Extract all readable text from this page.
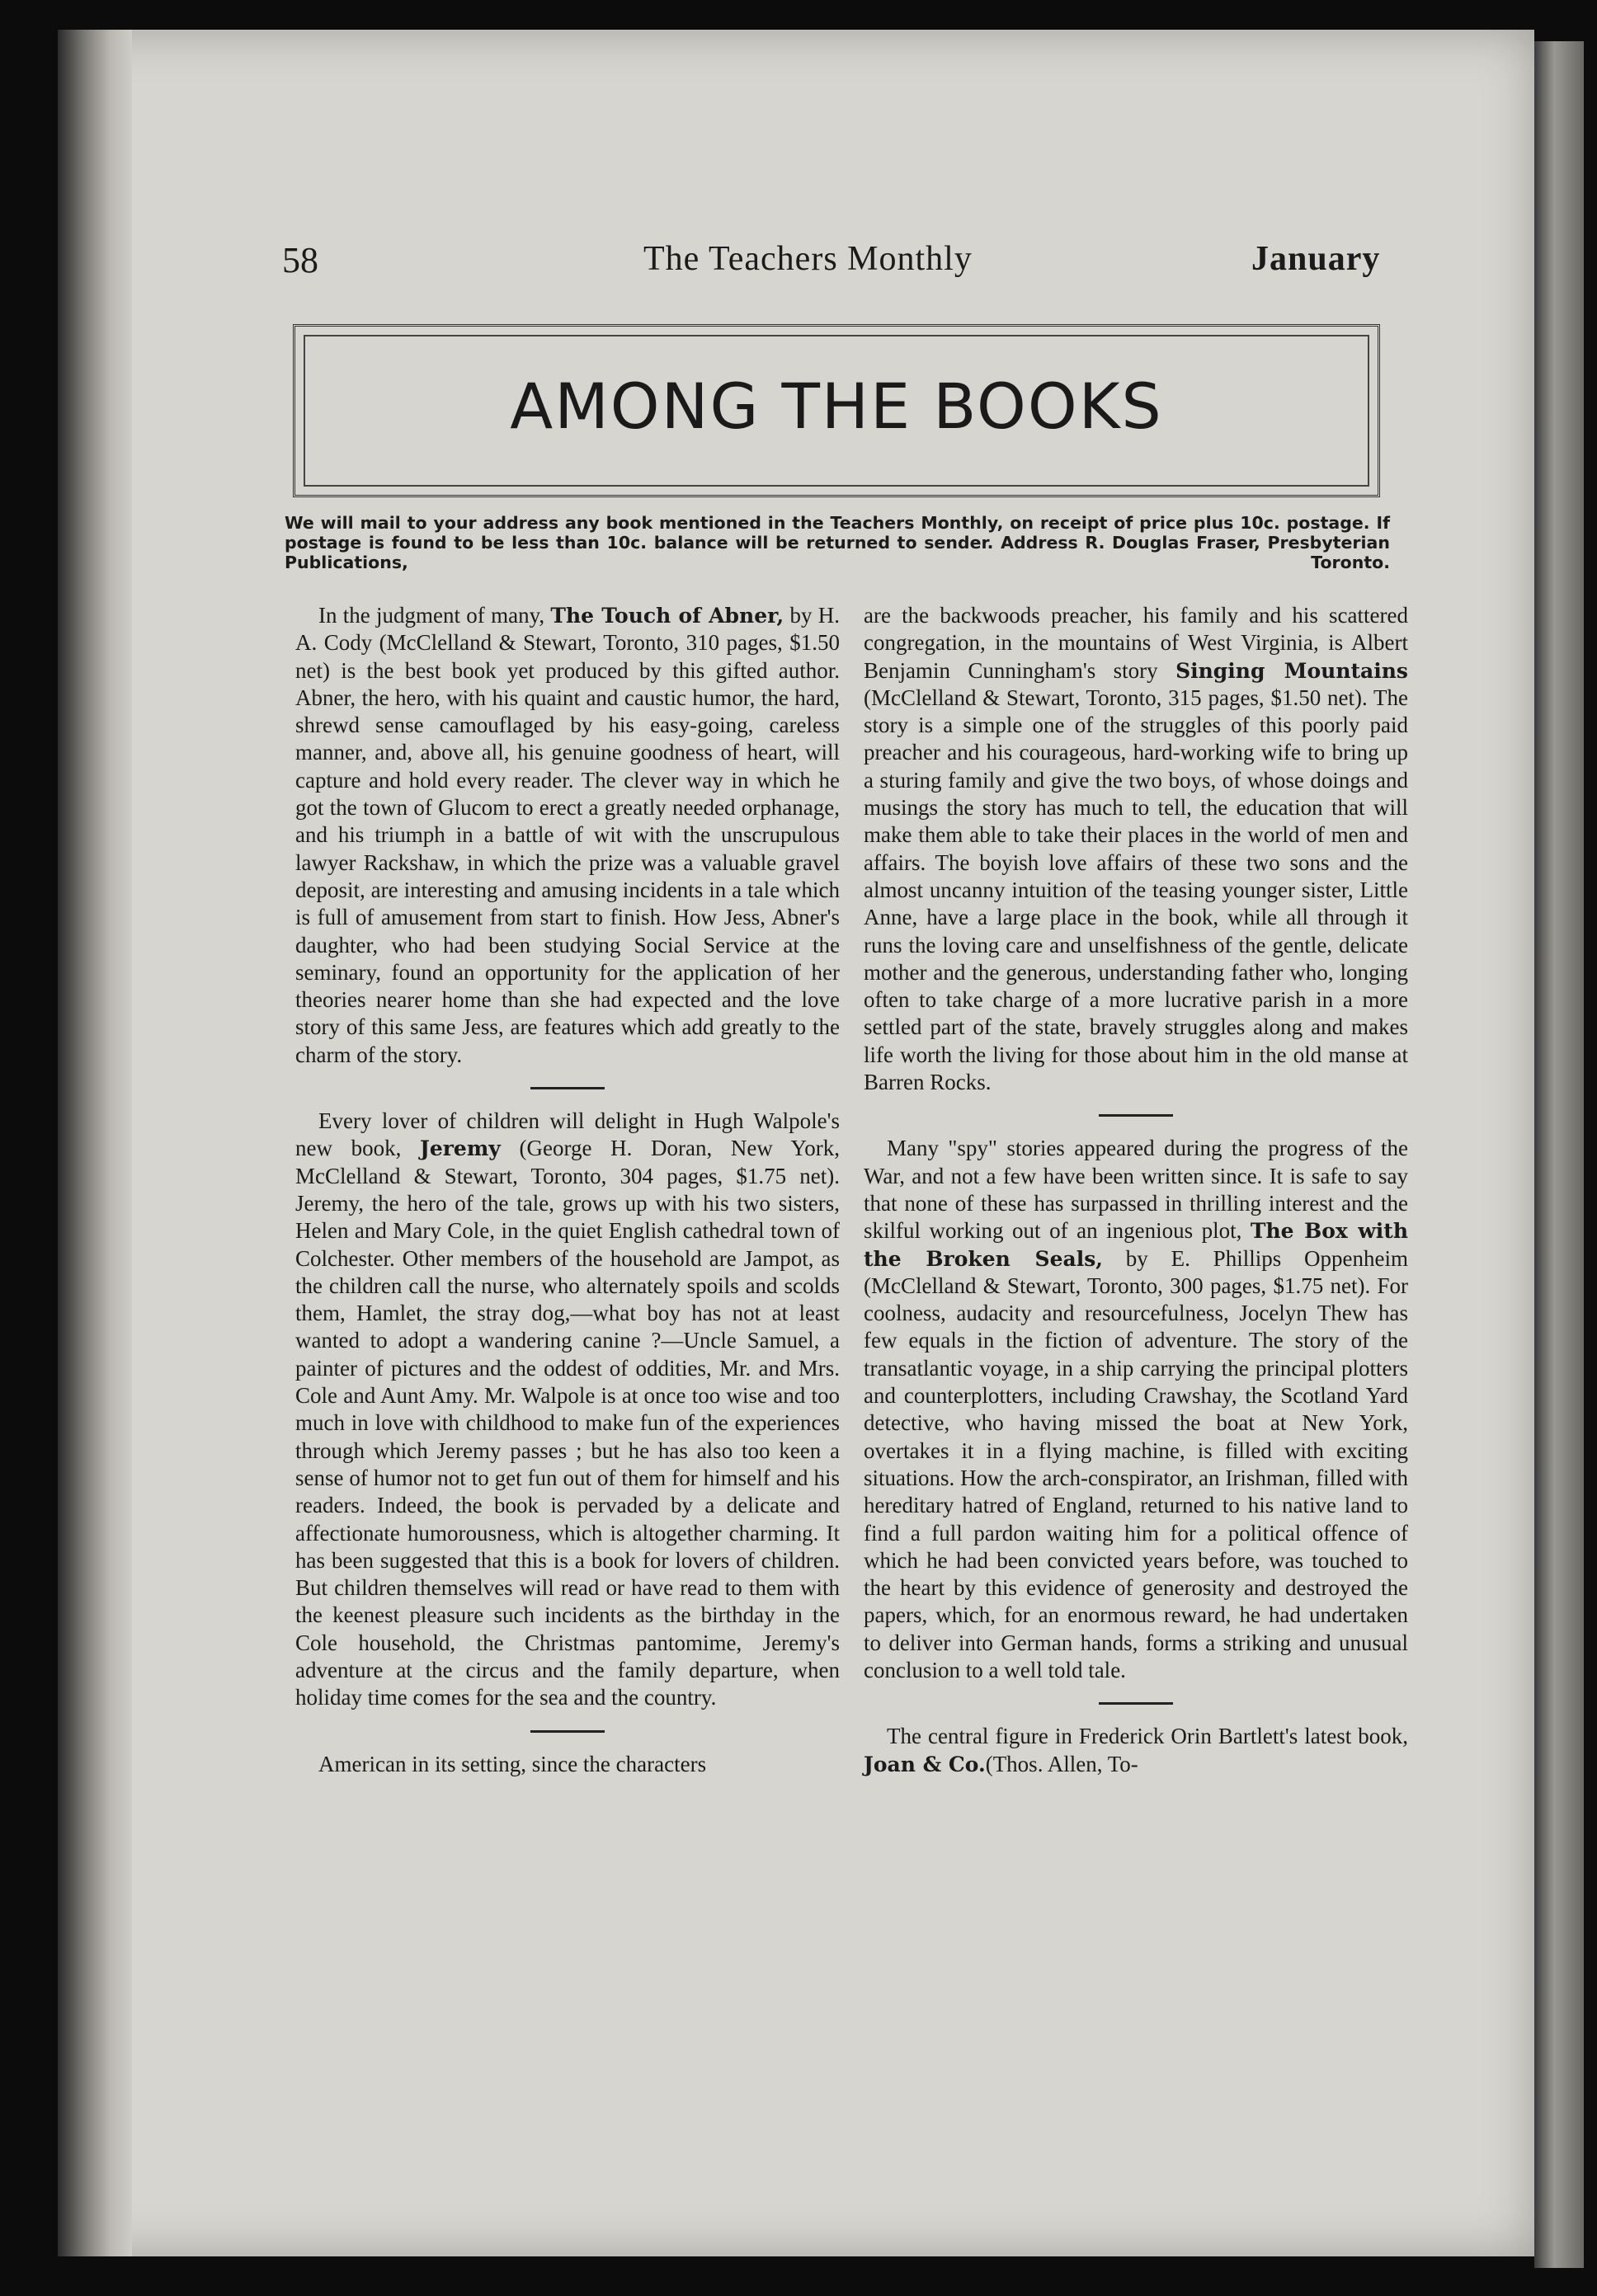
58	The Teachers Monthly	January
AMONG THE BOOKS
We will mail to your address any book mentioned in the Teachers Monthly, on receipt of price plus 10c. postage. If postage is found to be less than 10c. balance will be returned to sender. Address R. Douglas Fraser, Presbyterian Publications, Toronto.

In the judgment of many, The Touch of Abner, by H. A. Cody (McClelland & Stewart, Toronto, 310 pages, $1.50 net) is the best book yet produced by this gifted author. Abner, the hero, with his quaint and caustic humor, the hard, shrewd sense camouflaged by his easy-going, careless manner, and, above all, his genuine goodness of heart, will capture and hold every reader. The clever way in which he got the town of Glucom to erect a greatly needed orphanage, and his triumph in a battle of wit with the unscrupulous lawyer Rackshaw, in which the prize was a valuable gravel deposit, are interesting and amusing incidents in a tale which is full of amusement from start to finish. How Jess, Abner's daughter, who had been studying Social Service at the seminary, found an opportunity for the application of her theories nearer home than she had expected and the love story of this same Jess, are features which add greatly to the charm of the story.

Every lover of children will delight in Hugh Walpole's new book, Jeremy (George H. Doran, New York, McClelland & Stewart, Toronto, 304 pages, $1.75 net). Jeremy, the hero of the tale, grows up with his two sisters, Helen and Mary Cole, in the quiet English cathedral town of Colchester. Other members of the household are Jampot, as the children call the nurse, who alternately spoils and scolds them, Hamlet, the stray dog,—what boy has not at least wanted to adopt a wandering canine ?—Uncle Samuel, a painter of pictures and the oddest of oddities, Mr. and Mrs. Cole and Aunt Amy. Mr. Walpole is at once too wise and too much in love with childhood to make fun of the experiences through which Jeremy passes ; but he has also too keen a sense of humor not to get fun out of them for himself and his readers. Indeed, the book is pervaded by a delicate and affectionate humorousness, which is altogether charming. It has been suggested that this is a book for lovers of children. But children themselves will read or have read to them with the keenest pleasure such incidents as the birthday in the Cole household, the Christmas pantomime, Jeremy's adventure at the circus and the family departure, when holiday time comes for the sea and the country.

American in its setting, since the characters

are the backwoods preacher, his family and his scattered congregation, in the mountains of West Virginia, is Albert Benjamin Cunningham's story Singing Mountains (McClelland & Stewart, Toronto, 315 pages, $1.50 net). The story is a simple one of the struggles of this poorly paid preacher and his courageous, hard-working wife to bring up a sturing family and give the two boys, of whose doings and musings the story has much to tell, the education that will make them able to take their places in the world of men and affairs. The boyish love affairs of these two sons and the almost uncanny intuition of the teasing younger sister, Little Anne, have a large place in the book, while all through it runs the loving care and unselfishness of the gentle, delicate mother and the generous, understanding father who, longing often to take charge of a more lucrative parish in a more settled part of the state, bravely struggles along and makes life worth the living for those about him in the old manse at Barren Rocks.

Many "spy" stories appeared during the progress of the War, and not a few have been written since. It is safe to say that none of these has surpassed in thrilling interest and the skilful working out of an ingenious plot, The Box with the Broken Seals, by E. Phillips Oppenheim (McClelland & Stewart, Toronto, 300 pages, $1.75 net). For coolness, audacity and resourcefulness, Jocelyn Thew has few equals in the fiction of adventure. The story of the transatlantic voyage, in a ship carrying the principal plotters and counterplotters, including Crawshay, the Scotland Yard detective, who having missed the boat at New York, overtakes it in a flying machine, is filled with exciting situations. How the arch-conspirator, an Irishman, filled with hereditary hatred of England, returned to his native land to find a full pardon waiting him for a political offence of which he had been convicted years before, was touched to the heart by this evidence of generosity and destroyed the papers, which, for an enormous reward, he had undertaken to deliver into German hands, forms a striking and unusual conclusion to a well told tale.

The central figure in Frederick Orin Bartlett's latest book, Joan & Co.(Thos. Allen, To-
